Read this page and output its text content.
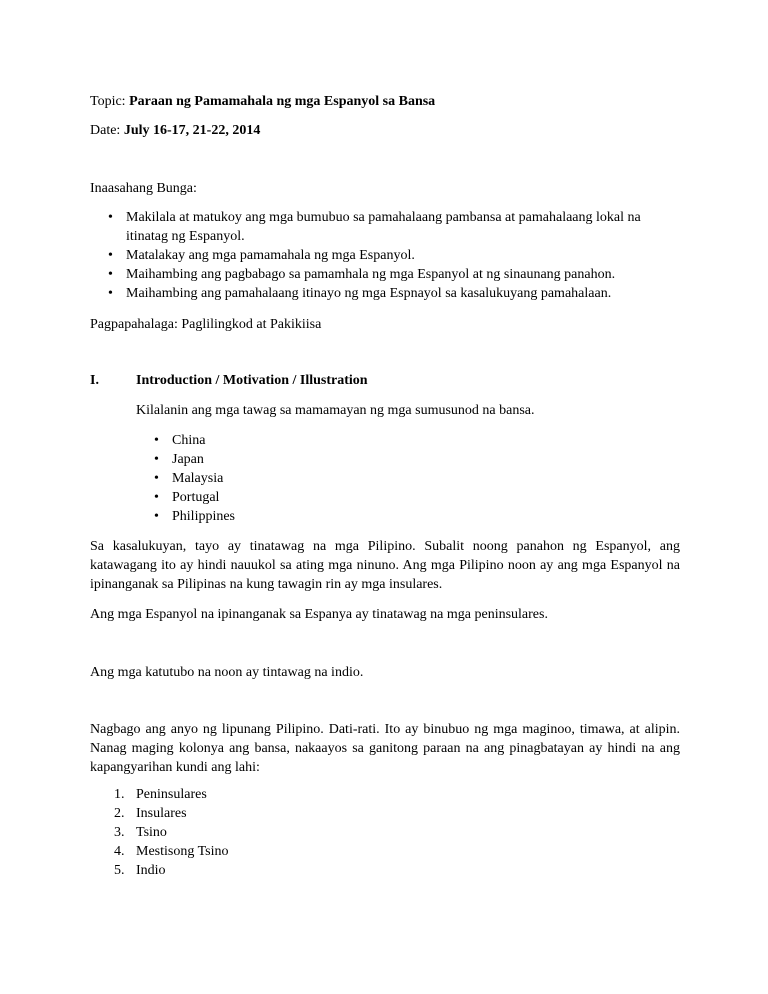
Topic: Paraan ng Pamamahala ng mga Espanyol sa Bansa

Date: July 16-17, 21-22, 2014

Inaasahang Bunga:

• Makilala at matukoy ang mga bumubuo sa pamahalaang pambansa at pamahalaang lokal na itinatag ng Espanyol.
• Matalakay ang mga pamamahala ng mga Espanyol.
• Maihambing ang pagbabago sa pamamhala ng mga Espanyol at ng sinaunang panahon.
• Maihambing ang pamahalaang itinayo ng mga Espnayol sa kasalukuyang pamahalaan.

Pagpapahalaga: Paglilingkod at Pakikiisa

I.	Introduction / Motivation / Illustration

Kilalanin ang mga tawag sa mamamayan ng mga sumusunod na bansa.

• China
• Japan
• Malaysia
• Portugal
• Philippines

Sa kasalukuyan, tayo ay tinatawag na mga Pilipino. Subalit noong panahon ng Espanyol, ang katawagang ito ay hindi nauukol sa ating mga ninuno. Ang mga Pilipino noon ay ang mga Espanyol na ipinanganak sa Pilipinas na kung tawagin rin ay mga insulares.

Ang mga Espanyol na ipinanganak sa Espanya ay tinatawag na mga peninsulares.

Ang mga katutubo na noon ay tintawag na indio.

Nagbago ang anyo ng lipunang Pilipino. Dati-rati. Ito ay binubuo ng mga maginoo, timawa, at alipin. Nanag maging kolonya ang bansa, nakaayos sa ganitong paraan na ang pinagbatayan ay hindi na ang kapangyarihan kundi ang lahi:

1. Peninsulares
2. Insulares
3. Tsino
4. Mestisong Tsino
5. Indio
